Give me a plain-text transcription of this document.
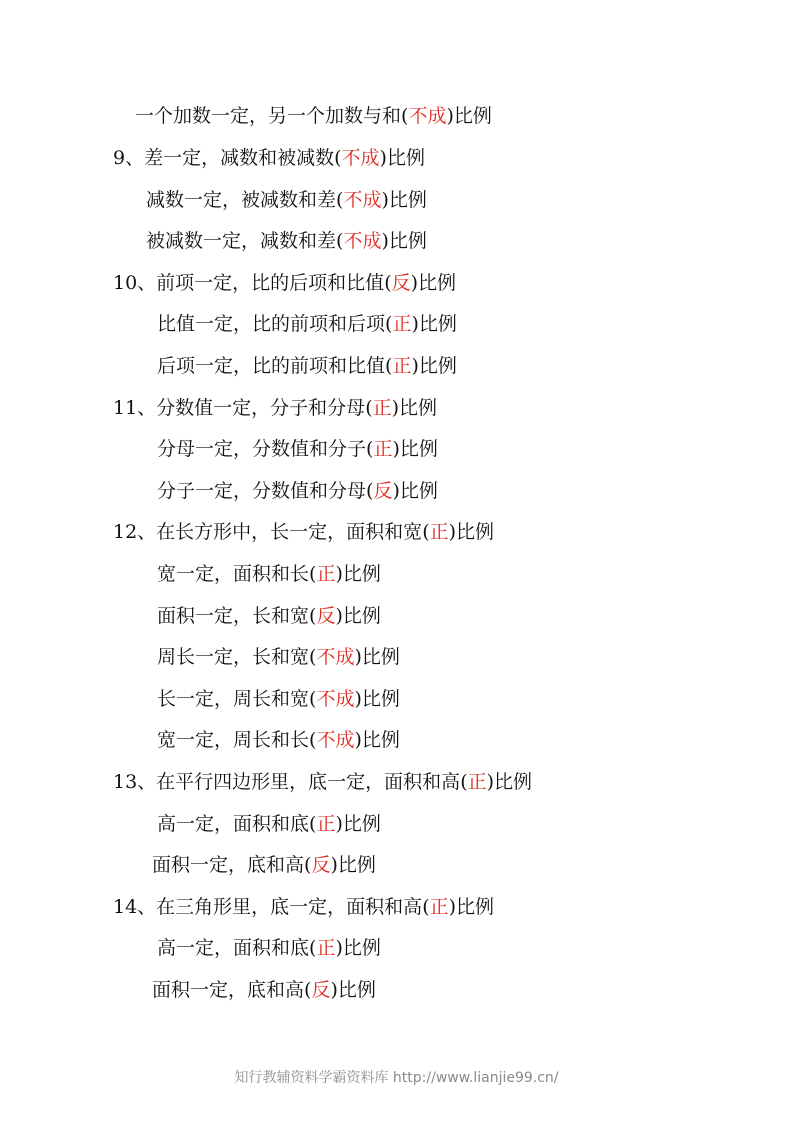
一个加数一定，另一个加数与和(不成)比例
9、差一定，减数和被减数(不成)比例
减数一定，被减数和差(不成)比例
被减数一定，减数和差(不成)比例
10、前项一定，比的后项和比值(反)比例
比值一定，比的前项和后项(正)比例
后项一定，比的前项和比值(正)比例
11、分数值一定，分子和分母(正)比例
分母一定，分数值和分子(正)比例
分子一定，分数值和分母(反)比例
12、在长方形中，长一定，面积和宽(正)比例
宽一定，面积和长(正)比例
面积一定，长和宽(反)比例
周长一定，长和宽(不成)比例
长一定，周长和宽(不成)比例
宽一定，周长和长(不成)比例
13、在平行四边形里，底一定，面积和高(正)比例
高一定，面积和底(正)比例
面积一定，底和高(反)比例
14、在三角形里，底一定，面积和高(正)比例
高一定，面积和底(正)比例
面积一定，底和高(反)比例
知行教辅资料学霸资料库 http://www.lianjie99.cn/
